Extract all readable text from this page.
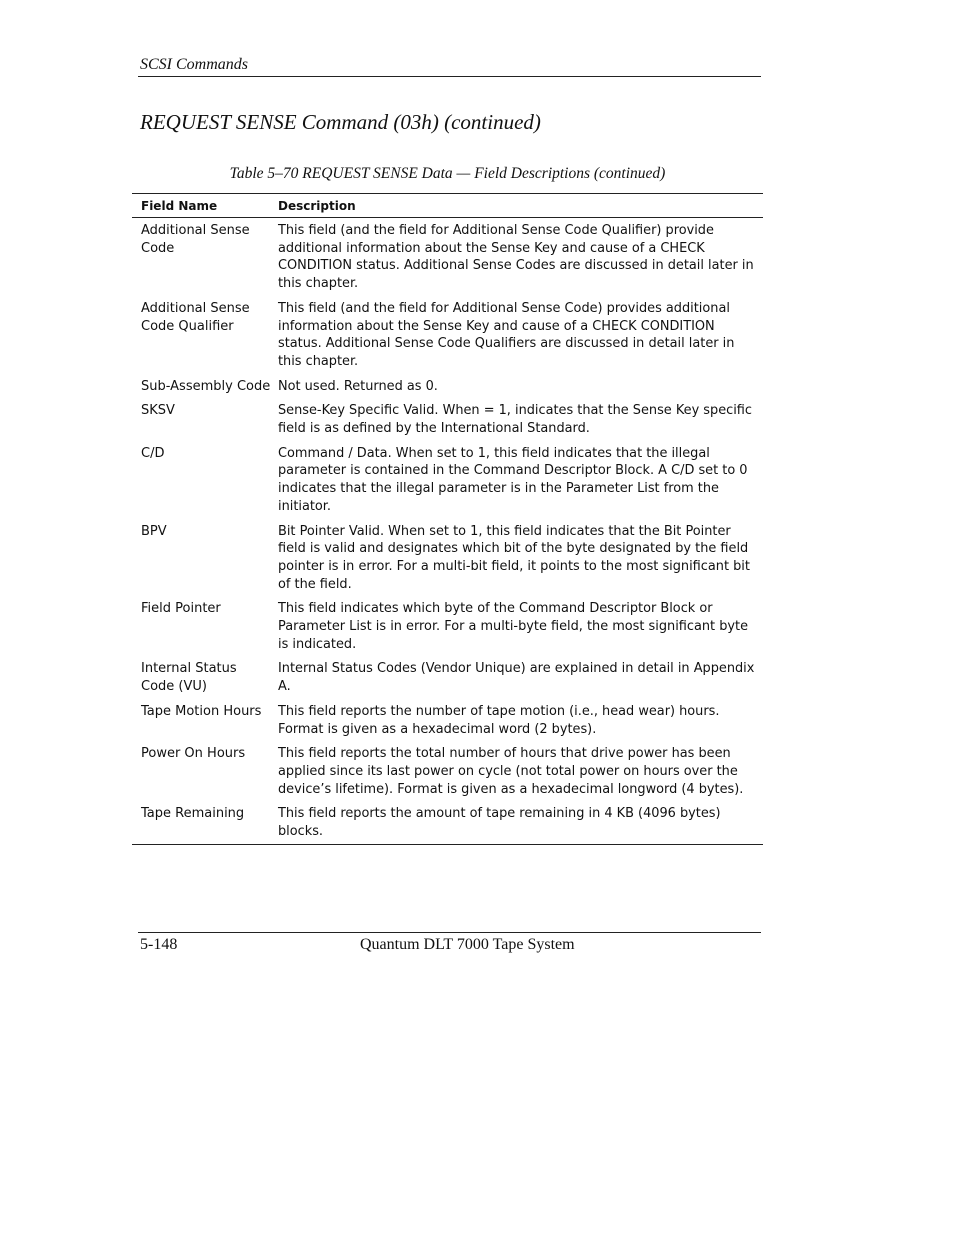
SCSI Commands
REQUEST SENSE Command (03h) (continued)
Table 5–70 REQUEST SENSE Data — Field Descriptions (continued)
Field Name	Description
Additional Sense Code	This field (and the field for Additional Sense Code Qualifier) provide additional information about the Sense Key and cause of a CHECK CONDITION status. Additional Sense Codes are discussed in detail later in this chapter.
Additional Sense Code Qualifier	This field (and the field for Additional Sense Code) provides additional information about the Sense Key and cause of a CHECK CONDITION status. Additional Sense Code Qualifiers are discussed in detail later in this chapter.
Sub-Assembly Code	Not used. Returned as 0.
SKSV	Sense-Key Specific Valid. When = 1, indicates that the Sense Key specific field is as defined by the International Standard.
C/D	Command / Data. When set to 1, this field indicates that the illegal parameter is contained in the Command Descriptor Block. A C/D set to 0 indicates that the illegal parameter is in the Parameter List from the initiator.
BPV	Bit Pointer Valid. When set to 1, this field indicates that the Bit Pointer field is valid and designates which bit of the byte designated by the field pointer is in error. For a multi-bit field, it points to the most significant bit of the field.
Field Pointer	This field indicates which byte of the Command Descriptor Block or Parameter List is in error. For a multi-byte field, the most significant byte is indicated.
Internal Status Code (VU)	Internal Status Codes (Vendor Unique) are explained in detail in Appendix A.
Tape Motion Hours	This field reports the number of tape motion (i.e., head wear) hours. Format is given as a hexadecimal word (2 bytes).
Power On Hours	This field reports the total number of hours that drive power has been applied since its last power on cycle (not total power on hours over the device’s lifetime). Format is given as a hexadecimal longword (4 bytes).
Tape Remaining	This field reports the amount of tape remaining in 4 KB (4096 bytes) blocks.
5-148	Quantum DLT 7000 Tape System
